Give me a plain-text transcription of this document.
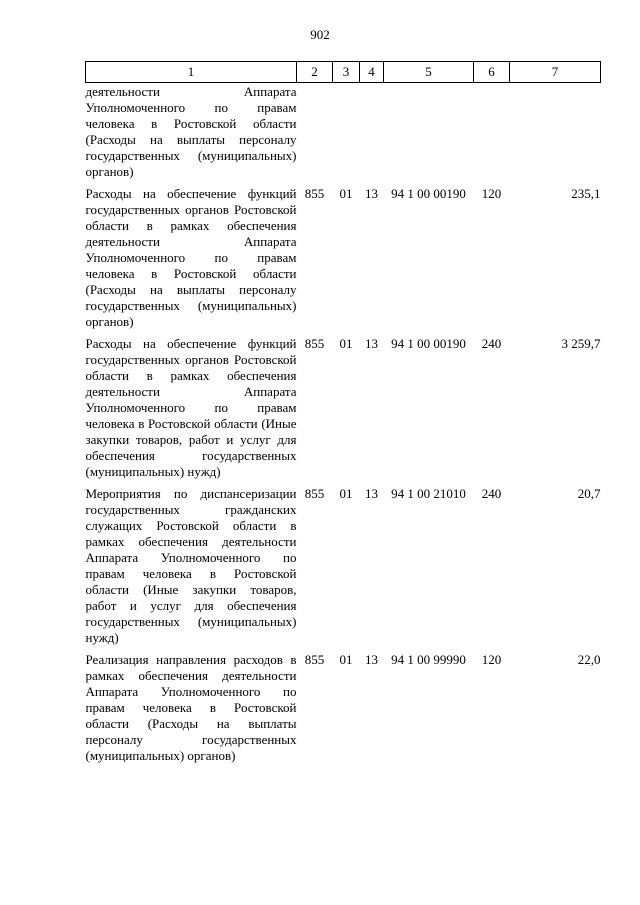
902
1	2	3	4	5	6	7
деятельности Аппарата Уполномоченного по правам человека в Ростовской области (Расходы на выплаты персоналу государственных (муниципальных) органов)						
Расходы на обеспечение функций государственных органов Ростовской области в рамках обеспечения деятельности Аппарата Уполномоченного по правам человека в Ростовской области (Расходы на выплаты персоналу государственных (муниципальных) органов)	855	01	13	94 1 00 00190	120	235,1
Расходы на обеспечение функций государственных органов Ростовской области в рамках обеспечения деятельности Аппарата Уполномоченного по правам человека в Ростовской области (Иные закупки товаров, работ и услуг для обеспечения государственных (муниципальных) нужд)	855	01	13	94 1 00 00190	240	3 259,7
Мероприятия по диспансеризации государственных гражданских служащих Ростовской области в рамках обеспечения деятельности Аппарата Уполномоченного по правам человека в Ростовской области (Иные закупки товаров, работ и услуг для обеспечения государственных (муниципальных) нужд)	855	01	13	94 1 00 21010	240	20,7
Реализация направления расходов в рамках обеспечения деятельности Аппарата Уполномоченного по правам человека в Ростовской области (Расходы на выплаты персоналу государственных (муниципальных) органов)	855	01	13	94 1 00 99990	120	22,0
